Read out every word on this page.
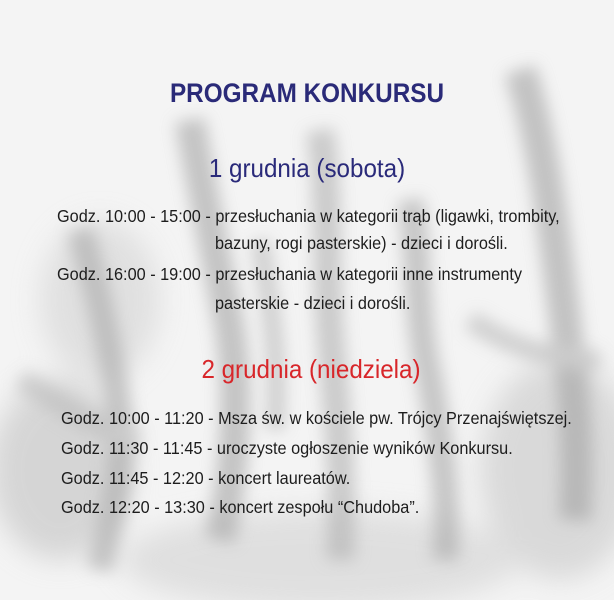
PROGRAM KONKURSU
1 grudnia (sobota)
Godz. 10:00 - 15:00 - przesłuchania w kategorii trąb (ligawki, trombity,
bazuny, rogi pasterskie) - dzieci i dorośli.
Godz. 16:00 - 19:00 - przesłuchania w kategorii inne instrumenty
pasterskie - dzieci i dorośli.
2 grudnia (niedziela)
Godz. 10:00 - 11:20 - Msza św. w kościele pw. Trójcy Przenajświętszej.
Godz. 11:30 - 11:45 - uroczyste ogłoszenie wyników Konkursu.
Godz. 11:45 - 12:20 - koncert laureatów.
Godz. 12:20 - 13:30 - koncert zespołu “Chudoba”.
